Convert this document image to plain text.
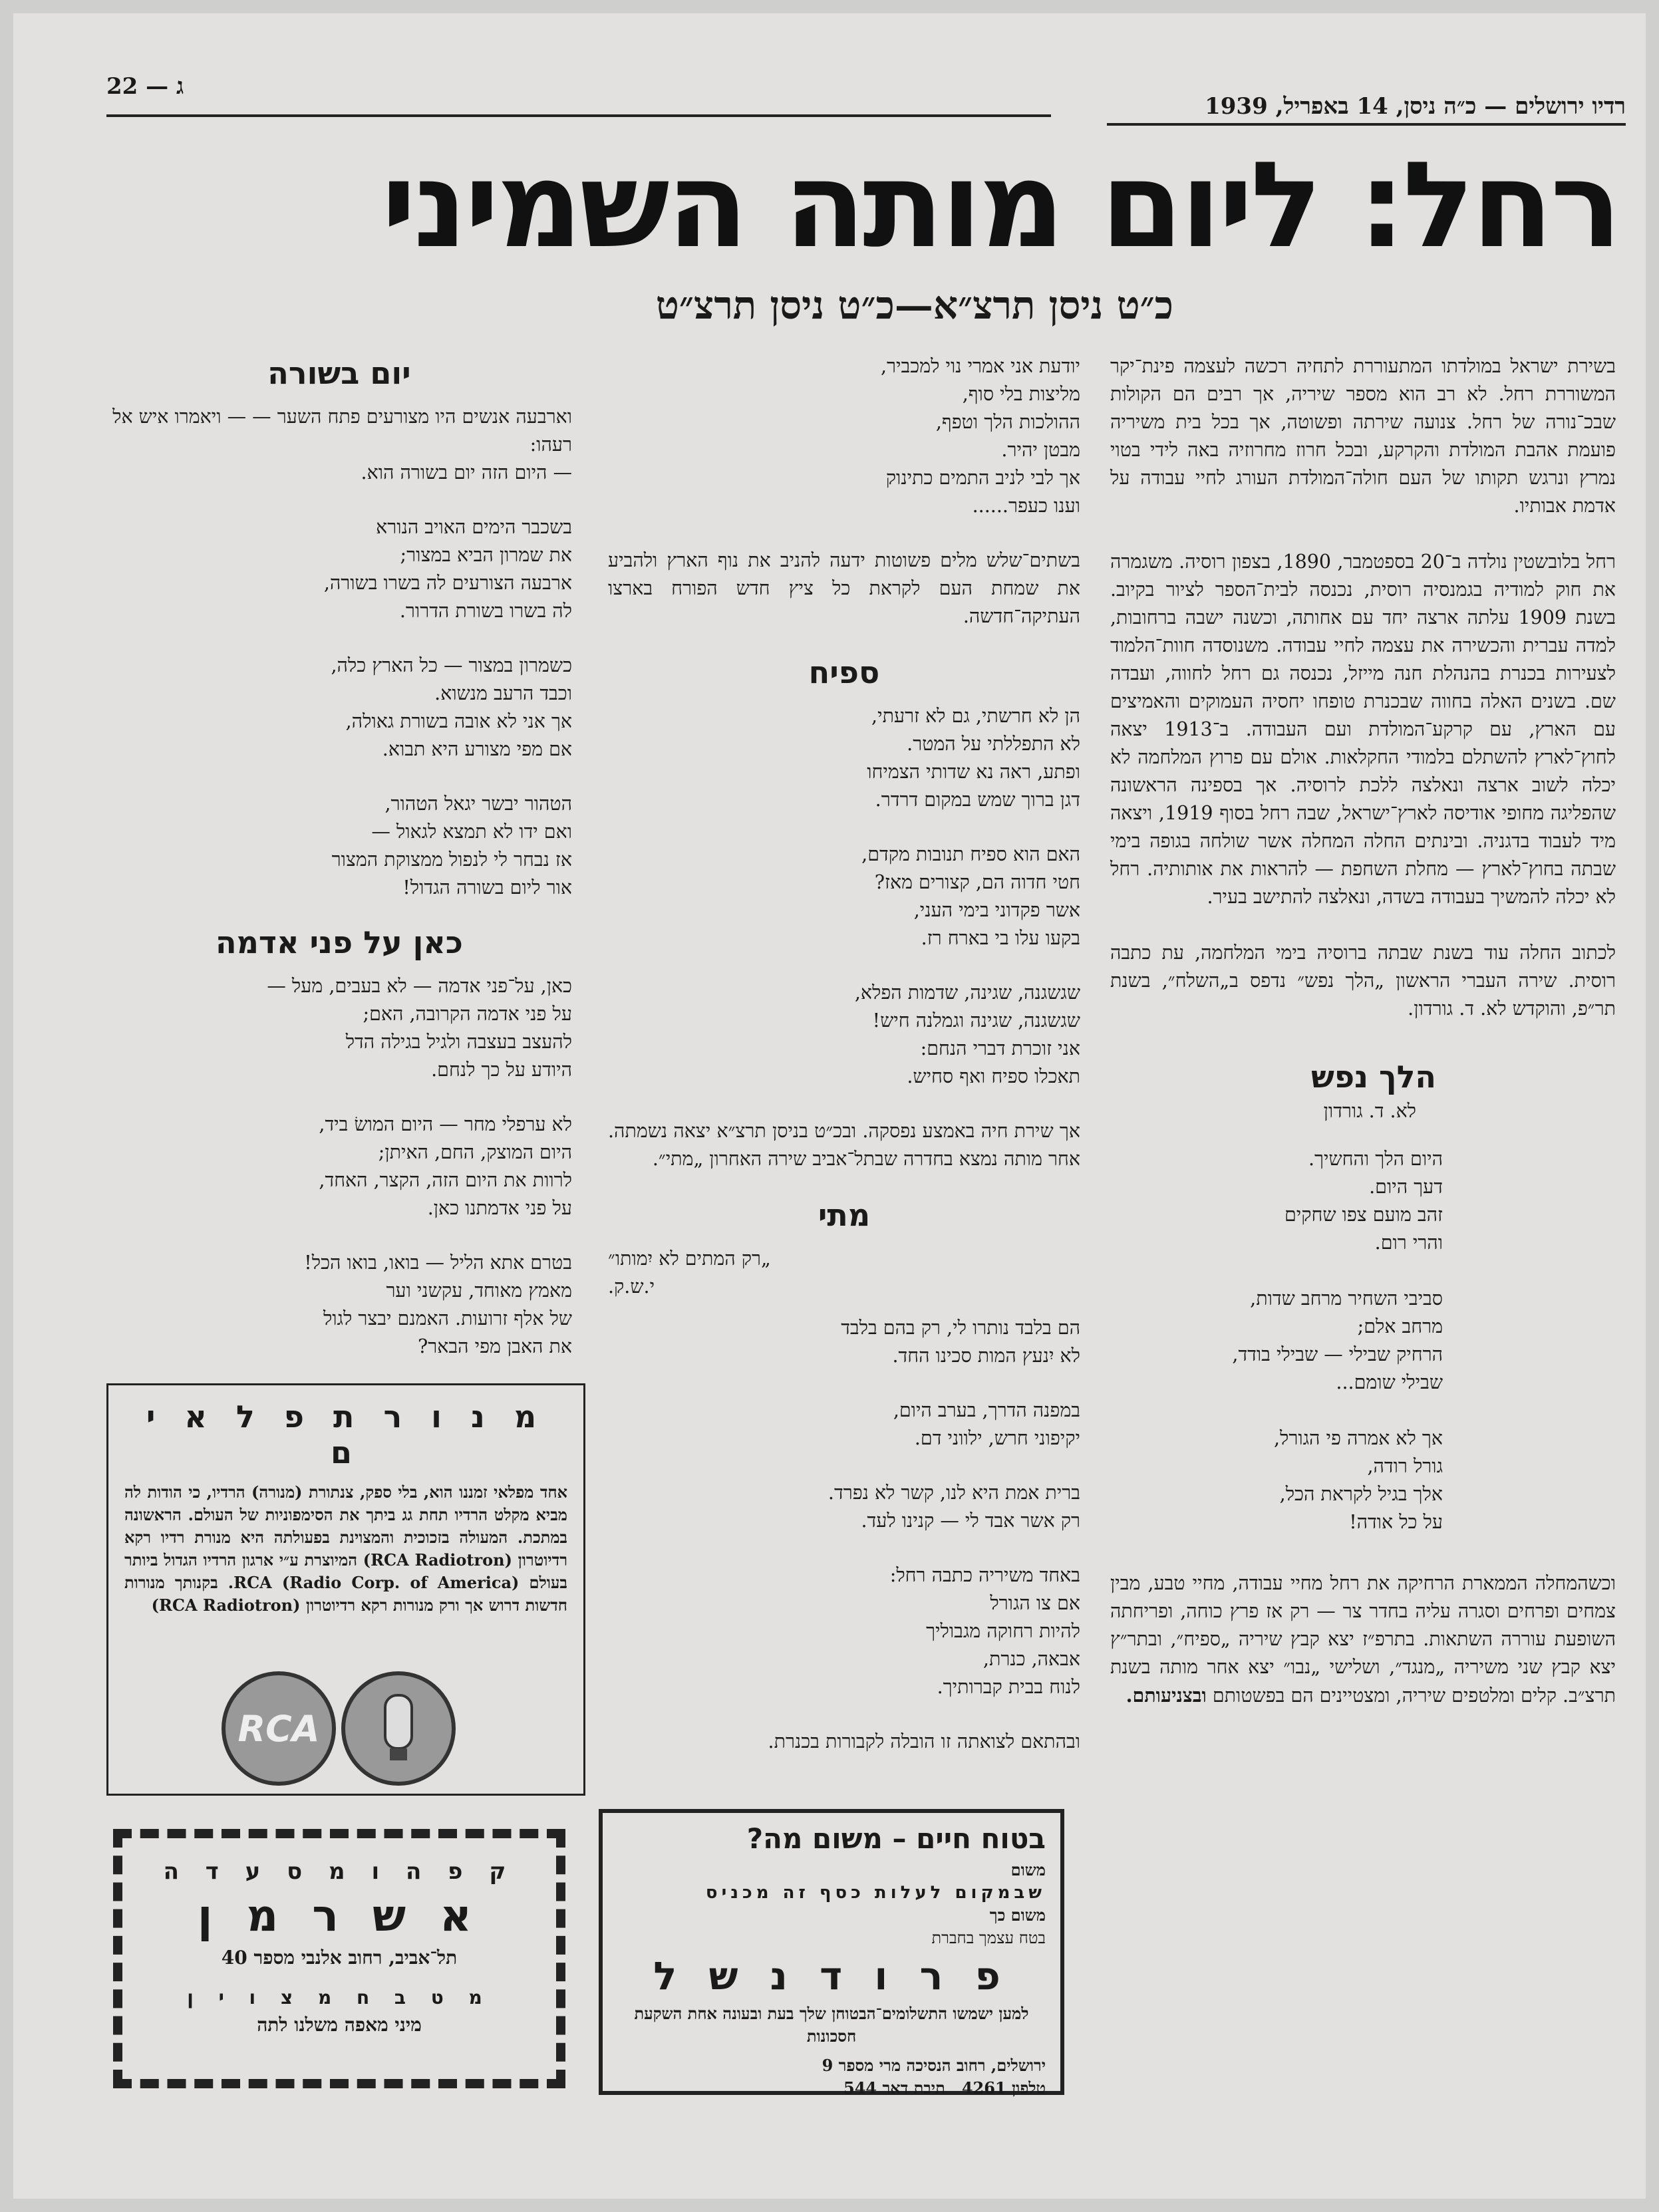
רדיו ירושלים — כ״ה ניסן, 14 באפריל, 1939
ג — 22
רחל: ליום מותה השמיני
כ״ט ניסן תרצ״א—כ״ט ניסן תרצ״ט

בשירת ישראל במולדתו המתעוררת לתחיה רכשה לעצמה פינת־יקר המשוררת רחל. לא רב הוא מספר שיריה, אך רבים הם הקולות שבכ־נורה של רחל. צנועה שירתה ופשוטה, אך בכל בית משיריה פועמת אהבת המולדת והקרקע, ובכל חרוז מחרוזיה באה לידי בטוי נמרץ ונרגש תקותו של העם חולה־המולדת העורג לחיי עבודה על אדמת אבותיו.

רחל בלובשטין נולדה ב־20 בספטמבר, 1890, בצפון רוסיה. משגמרה את חוק למודיה בגמנסיה רוסית, נכנסה לבית־הספר לציור בקיוב. בשנת 1909 עלתה ארצה יחד עם אחותה, וכשנה ישבה ברחובות, למדה עברית והכשירה את עצמה לחיי עבודה. משנוסדה חוות־הלמוד לצעירות בכנרת בהנהלת חנה מייזל, נכנסה גם רחל לחווה, ועבדה שם. בשנים האלה בחווה שבכנרת טופחו יחסיה העמוקים והאמיצים עם הארץ, עם קרקע־המולדת ועם העבודה. ב־1913 יצאה לחוץ־לארץ להשתלם בלמודי החקלאות. אולם עם פרוץ המלחמה לא יכלה לשוב ארצה ונאלצה ללכת לרוסיה. אך בספינה הראשונה שהפליגה מחופי אודיסה לארץ־ישראל, שבה רחל בסוף 1919, ויצאה מיד לעבוד בדגניה. ובינתים החלה המחלה אשר שולחה בגופה בימי שבתה בחוץ־לארץ — מחלת השחפת — להראות את אותותיה. רחל לא יכלה להמשיך בעבודה בשדה, ונאלצה להתישב בעיר.

לכתוב החלה עוד בשנת שבתה ברוסיה בימי המלחמה, עת כתבה רוסית. שירה העברי הראשון „הלך נפש״ נדפס ב„השלח״, בשנת תר״פ, והוקדש לא. ד. גורדון.

הלך נפש
לא. ד. גורדון
היום הלך והחשיך.
דעך היום.
זהב מועם צפו שחקים
והרי רום.

סביבי השחיר מרחב שדות,
מרחב אלם;
הרחיק שבילי — שבילי בודד,
שבילי שומם...

אך לא אמרה פי הגורל,
גורל רודה,
אלך בגיל לקראת הכל,
על כל אודה!

וכשהמחלה הממארת הרחיקה את רחל מחיי עבודה, מחיי טבע, מבין צמחים ופרחים וסגרה עליה בחדר צר — רק אז פרץ כוחה, ופריחתה השופעת עוררה השתאות. בתרפ״ז יצא קבץ שיריה „ספיח״, ובתר״ץ יצא קבץ שני משיריה „מנגד״, ושלישי „נבו״ יצא אחר מותה בשנת תרצ״ב. קלים ומלטפים שיריה, ומצטיינים הם בפשטותם ובצניעותם.

יודעת אני אמרי נוי למכביר,
מליצות בלי סוף,
ההולכות הלך וטפף,
מבטן יהיר.
אך לבי לניב התמים כתינוק
וענו כעפר......

בשתים־שלש מלים פשוטות ידעה להניב את נוף הארץ ולהביע את שמחת העם לקראת כל ציץ חדש הפורח בארצו העתיקה־חדשה.

ספיח
הן לא חרשתי, גם לא זרעתי,
לא התפללתי על המטר.
ופתע, ראה נא שדותי הצמיחו
דגן ברוך שמש במקום דרדר.
האם הוא ספיח תנובות מקדם,
חטי חדוה הם, קצורים מאז?
אשר פקדוני בימי העני,
בקעו עלו בי בארח רז.
שגשגנה, שגינה, שדמות הפלא,
שגשגנה, שגינה וגמלנה חיש!
אני זוכרת דברי הנחם:
תאכלו ספיח ואף סחיש.

אך שירת חיה באמצע נפסקה. ובכ״ט בניסן תרצ״א יצאה נשמתה. אחר מותה נמצא בחדרה שבתל־אביב שירה האחרון „מתי״.

מתי
„רק המתים לא יִמותו״
י.ש.ק.
הם בלבד נותרו לי, רק בהם בלבד
לא יִנעץ המות סכינו החד.
במפנה הדרך, בערב היום,
יקיפוני חרש, ילווני דם.
ברית אמת היא לנו, קשר לא נפרד.
רק אשר אבד לי — קנינו לעד.
באחד משיריה כתבה רחל:
אם צו הגורל
להיות רחוקה מגבוליך
אבאה, כנרת,
לנוח בבית קברותיך.

ובהתאם לצואתה זו הובלה לקבורות בכנרת.

יום בשורה
וארבעה אנשים היו מצורעים פתח השער — — ויאמרו איש אל רעהו:
— היום הזה יום בשורה הוא.
בשכבר הימים האויב הנורא
את שמרון הביא במצור;
ארבעה הצורעים לה בשרו בשורה,
לה בשרו בשורת הדרור.
כשמרון במצור — כל הארץ כלה,
וכבד הרעב מנשוא.
אך אני לא אובה בשורת גאולה,
אם מפי מצורע היא תבוא.
הטהור יבשר יגאל הטהור,
ואם ידו לא תמצא לגאול —
אז נבחר לי לנפול ממצוקת המצור
אור ליום בשורה הגדול!
כאן על פני אדמה
כאן, על־פני אדמה — לא בעבים, מעל —
על פני אדמה הקרובה, האם;
להעצב בעצבה ולגיל בגילה הדל
היודע על כך לנחם.
לא ערפלי מחר — היום המושׂ ביד,
היום המוצק, החם, האיתן;
לרוות את היום הזה, הקצר, האחד,
על פני אדמתנו כאן.
בטרם אתא הליל — בואו, בואו הכל!
מאמץ מאוחד, עקשני וער
של אלף זרועות. האמנם יבצר לגול
את האבן מפי הבאר?
מ נ ו ר ת פ ל א י ם
אחד מפלאי זמננו הוא, בלי ספק, צנתורת (מנורה) הרדיו, כי הודות לה מביא מקלט הרדיו תחת גג ביתך את הסימפוניות של העולם. הראשונה במתכת. המעולה בזכוכית והמצוינת בפעולתה היא מנורת רדיו רקא רדיוטרון (RCA Radiotron) המיוצרת ע״י ארגון הרדיו הגדול ביותר בעולם RCA (Radio Corp. of America). בקנותך מנורות חדשות דרוש אך ורק מנורות רקא רדיוטרון (RCA Radiotron)
RCA
ק פ ה ו מ ס ע ד ה
א ש ר מ ן
תל־אביב, רחוב אלנבי מספר 40
מ ט ב ח מ צ ו י ן
מיני מאפה משלנו לתה
בטוח חיים – משום מה?
משום
שבמקום לעלות כסף זה מכניס
משום כך
בטח עצמך בחברת
פ ר ו ד נ ש ל
למען ישמשו התשלומים־הבטוחן שלך בעת ובעונה אחת השקעת חסכונות
ירושלים, רחוב הנסיכה מרי מספר 9
טלפון 4261   תיבת דאר 544
